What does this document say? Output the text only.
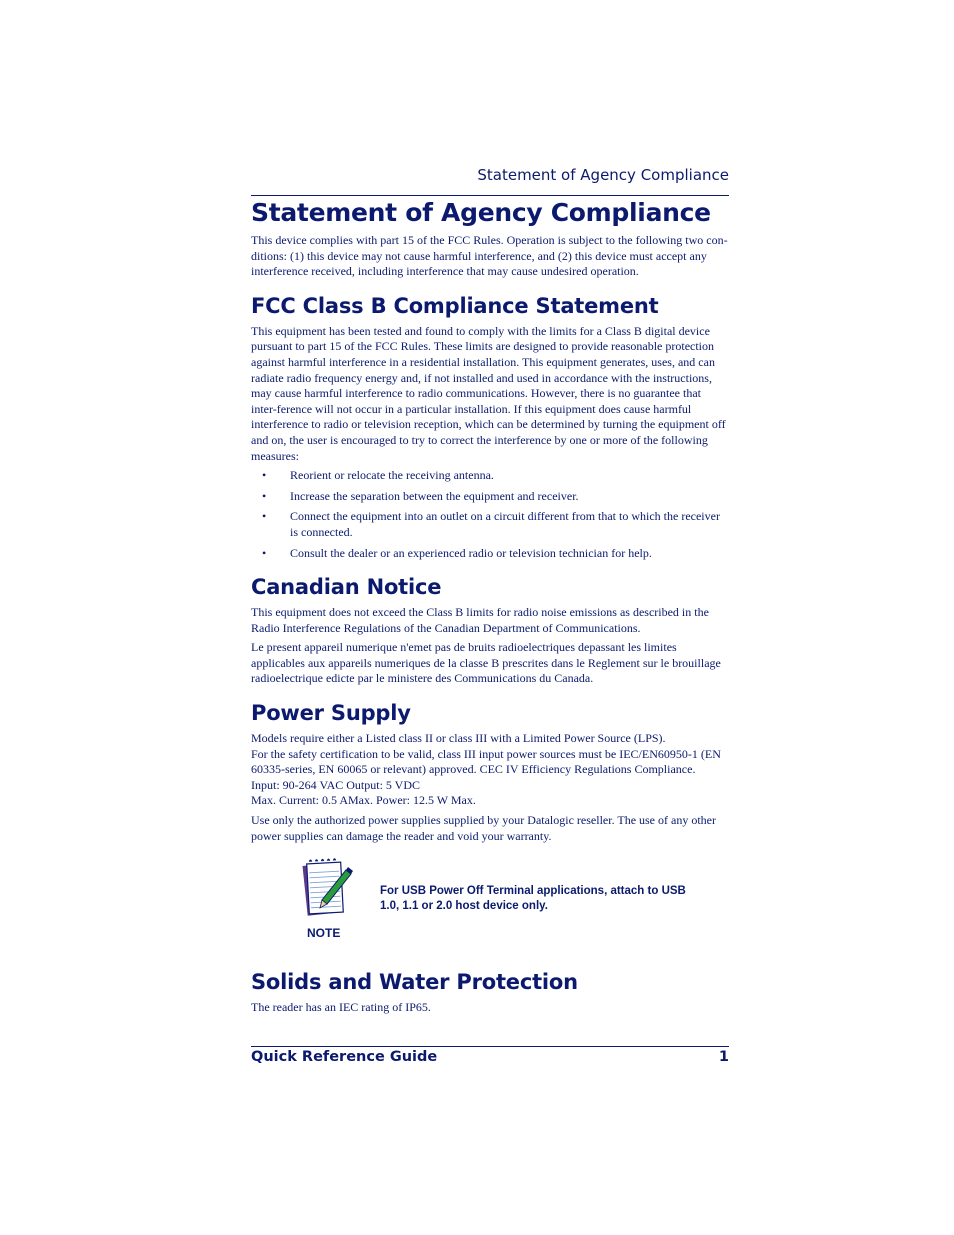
Statement of Agency Compliance
Statement of Agency Compliance

This device complies with part 15 of the FCC Rules. Operation is subject to the following two con-ditions: (1) this device may not cause harmful interference, and (2) this device must accept any interference received, including interference that may cause undesired operation.

FCC Class B Compliance Statement

This equipment has been tested and found to comply with the limits for a Class B digital device pursuant to part 15 of the FCC Rules. These limits are designed to provide reasonable protection against harmful interference in a residential installation. This equipment generates, uses, and can radiate radio frequency energy and, if not installed and used in accordance with the instructions, may cause harmful interference to radio communications. However, there is no guarantee that inter-ference will not occur in a particular installation. If this equipment does cause harmful interference to radio or television reception, which can be determined by turning the equipment off and on, the user is encouraged to try to correct the interference by one or more of the following measures:

• Reorient or relocate the receiving antenna.
• Increase the separation between the equipment and receiver.
• Connect the equipment into an outlet on a circuit different from that to which the receiver is connected.
• Consult the dealer or an experienced radio or television technician for help.
Canadian Notice

This equipment does not exceed the Class B limits for radio noise emissions as described in the Radio Interference Regulations of the Canadian Department of Communications.

Le present appareil numerique n'emet pas de bruits radioelectriques depassant les limites applicables aux appareils numeriques de la classe B prescrites dans le Reglement sur le brouillage radioelectrique edicte par le ministere des Communications du Canada.

Power Supply

Models require either a Listed class II or class III with a Limited Power Source (LPS).
For the safety certification to be valid, class III input power sources must be IEC/EN60950-1 (EN 60335-series, EN 60065 or relevant) approved. CEC IV Efficiency Regulations Compliance.
Input: 90-264 VAC Output: 5 VDC
Max. Current: 0.5 AMax. Power: 12.5 W Max.

Use only the authorized power supplies supplied by your Datalogic reseller. The use of any other power supplies can damage the reader and void your warranty.

NOTE
For USB Power Off Terminal applications, attach to USB 1.0, 1.1 or 2.0 host device only.
Solids and Water Protection

The reader has an IEC rating of IP65.

Quick Reference Guide	1
